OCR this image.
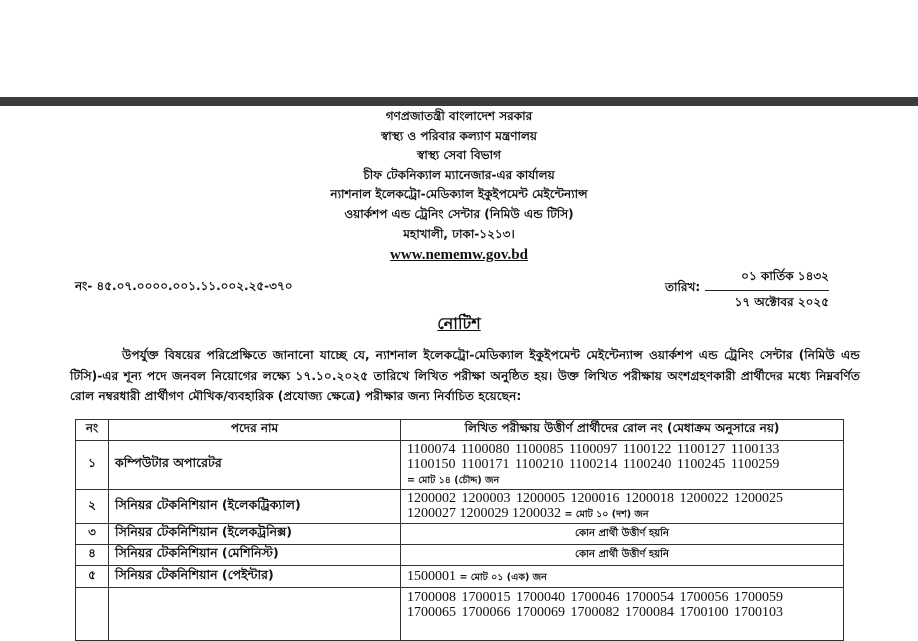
গণপ্রজাতন্ত্রী বাংলাদেশ সরকার
স্বাস্থ্য ও পরিবার কল্যাণ মন্ত্রণালয়
স্বাস্থ্য সেবা বিভাগ
চীফ টেকনিক্যাল ম্যানেজার-এর কার্যালয়
ন্যাশনাল ইলেকট্রো-মেডিক্যাল ইকুইপমেন্ট মেইন্টেন্যান্স
ওয়ার্কশপ এন্ড ট্রেনিং সেন্টার (নিমিউ এন্ড টিসি)
মহাখালী, ঢাকা-১২১৩।
www.nememw.gov.bd
নং- ৪৫.০৭.০০০০.০০১.১১.০০২.২৫-৩৭০	তারিখ:
০১ কার্তিক ১৪৩২
১৭ অক্টোবর ২০২৫
নোটিশ
উপর্যুক্ত বিষয়ের পরিপ্রেক্ষিতে জানানো যাচ্ছে যে, ন্যাশনাল ইলেকট্রো-মেডিক্যাল ইকুইপমেন্ট মেইন্টেন্যান্স ওয়ার্কশপ এন্ড ট্রেনিং সেন্টার (নিমিউ এন্ড টিসি)-এর শূন্য পদে জনবল নিয়োগের লক্ষ্যে ১৭.১০.২০২৫ তারিখে লিখিত পরীক্ষা অনুষ্ঠিত হয়। উক্ত লিখিত পরীক্ষায় অংশগ্রহণকারী প্রার্থীদের মধ্যে নিম্নবর্ণিত রোল নম্বরধারী প্রার্থীগণ মৌখিক/ব্যবহারিক (প্রযোজ্য ক্ষেত্রে) পরীক্ষার জন্য নির্বাচিত হয়েছেন:
নং	পদের নাম	লিখিত পরীক্ষায় উত্তীর্ণ প্রার্থীদের রোল নং (মেধাক্রম অনুসারে নয়)
১	কম্পিউটার অপারেটর	1100074 1100080 1100085 1100097 1100122 1100127 1100133
1100150 1100171 1100210 1100214 1100240 1100245 1100259
= মোট ১৪ (চৌদ্দ) জন
২	সিনিয়র টেকনিশিয়ান (ইলেকট্রিক্যাল)	1200002 1200003 1200005 1200016 1200018 1200022 1200025
1200027 1200029 1200032 = মোট ১০ (দশ) জন
৩	সিনিয়র টেকনিশিয়ান (ইলেকট্রনিক্স)	কোন প্রার্থী উত্তীর্ণ হয়নি
৪	সিনিয়র টেকনিশিয়ান (মেশিনিস্ট)	কোন প্রার্থী উত্তীর্ণ হয়নি
৫	সিনিয়র টেকনিশিয়ান (পেইন্টার)	1500001 = মোট ০১ (এক) জন

		1700008 1700015 1700040 1700046 1700054 1700056 1700059
1700065 1700066 1700069 1700082 1700084 1700100 1700103
